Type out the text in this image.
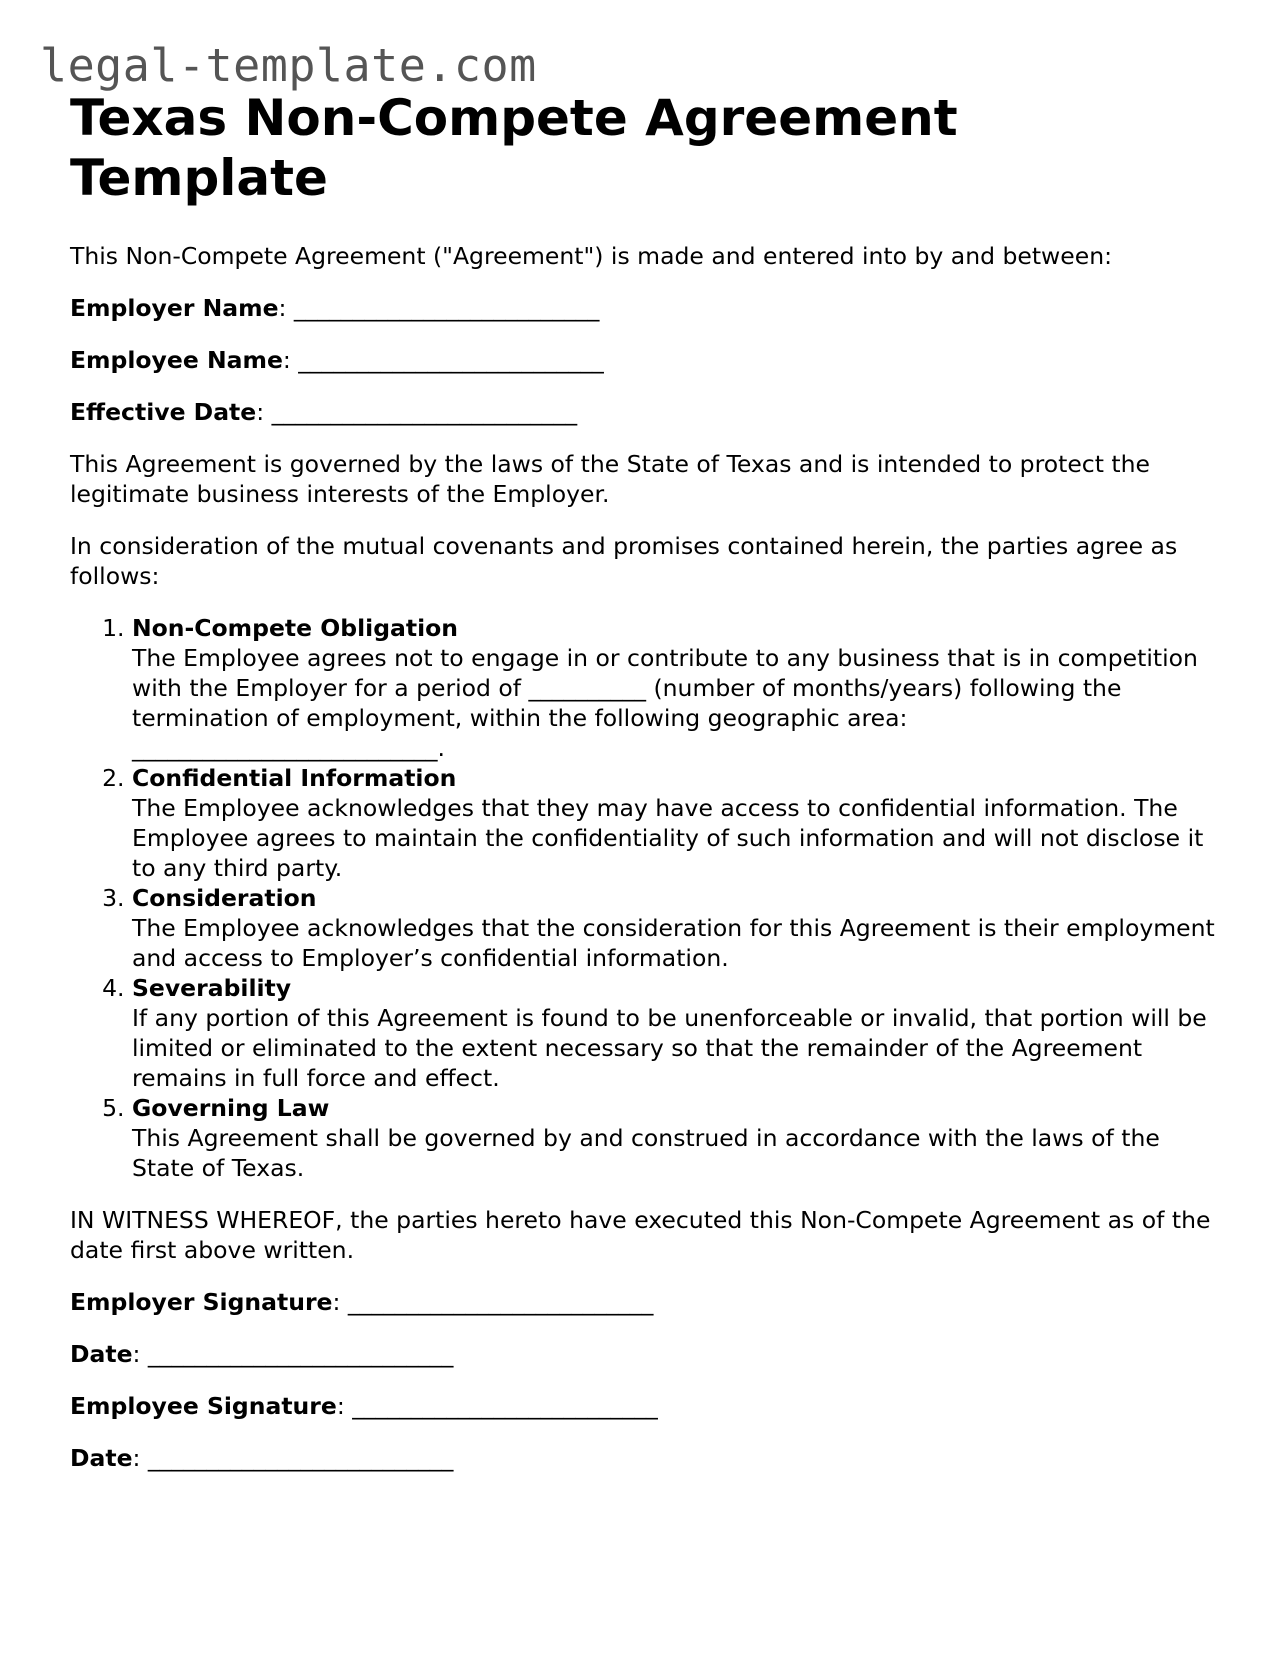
legal-template.com
Texas Non-Compete Agreement Template

This Non-Compete Agreement ("Agreement") is made and entered into by and between:

Employer Name: __________________________

Employee Name: __________________________

Effective Date: __________________________

This Agreement is governed by the laws of the State of Texas and is intended to protect the legitimate business interests of the Employer.

In consideration of the mutual covenants and promises contained herein, the parties agree as follows:

1. Non-Compete Obligation
The Employee agrees not to engage in or contribute to any business that is in competition with the Employer for a period of __________ (number of months/years) following the termination of employment, within the following geographic area: __________________________.
2. Confidential Information
The Employee acknowledges that they may have access to confidential information. The Employee agrees to maintain the confidentiality of such information and will not disclose it to any third party.
3. Consideration
The Employee acknowledges that the consideration for this Agreement is their employment and access to Employer’s confidential information.
4. Severability
If any portion of this Agreement is found to be unenforceable or invalid, that portion will be limited or eliminated to the extent necessary so that the remainder of the Agreement remains in full force and effect.
5. Governing Law
This Agreement shall be governed by and construed in accordance with the laws of the State of Texas.

IN WITNESS WHEREOF, the parties hereto have executed this Non-Compete Agreement as of the date first above written.

Employer Signature: __________________________

Date: __________________________

Employee Signature: __________________________

Date: __________________________
